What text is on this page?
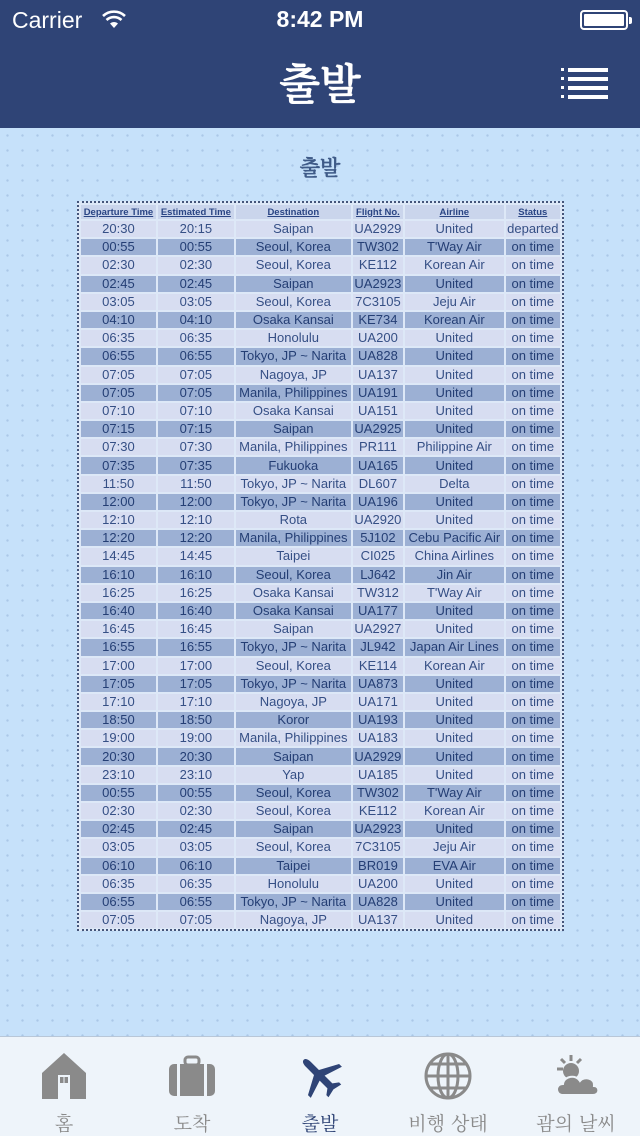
Carrier	8:42 PM
출발
출발
Departure Time	Estimated Time	Destination	Flight No.	Airline	Status
20:30	20:15	Saipan	UA2929	United	departed
00:55	00:55	Seoul, Korea	TW302	T'Way Air	on time
02:30	02:30	Seoul, Korea	KE112	Korean Air	on time
02:45	02:45	Saipan	UA2923	United	on time
03:05	03:05	Seoul, Korea	7C3105	Jeju Air	on time
04:10	04:10	Osaka Kansai	KE734	Korean Air	on time
06:35	06:35	Honolulu	UA200	United	on time
06:55	06:55	Tokyo, JP ~ Narita	UA828	United	on time
07:05	07:05	Nagoya, JP	UA137	United	on time
07:05	07:05	Manila, Philippines	UA191	United	on time
07:10	07:10	Osaka Kansai	UA151	United	on time
07:15	07:15	Saipan	UA2925	United	on time
07:30	07:30	Manila, Philippines	PR111	Philippine Air	on time
07:35	07:35	Fukuoka	UA165	United	on time
11:50	11:50	Tokyo, JP ~ Narita	DL607	Delta	on time
12:00	12:00	Tokyo, JP ~ Narita	UA196	United	on time
12:10	12:10	Rota	UA2920	United	on time
12:20	12:20	Manila, Philippines	5J102	Cebu Pacific Air	on time
14:45	14:45	Taipei	CI025	China Airlines	on time
16:10	16:10	Seoul, Korea	LJ642	Jin Air	on time
16:25	16:25	Osaka Kansai	TW312	T'Way Air	on time
16:40	16:40	Osaka Kansai	UA177	United	on time
16:45	16:45	Saipan	UA2927	United	on time
16:55	16:55	Tokyo, JP ~ Narita	JL942	Japan Air Lines	on time
17:00	17:00	Seoul, Korea	KE114	Korean Air	on time
17:05	17:05	Tokyo, JP ~ Narita	UA873	United	on time
17:10	17:10	Nagoya, JP	UA171	United	on time
18:50	18:50	Koror	UA193	United	on time
19:00	19:00	Manila, Philippines	UA183	United	on time
20:30	20:30	Saipan	UA2929	United	on time
23:10	23:10	Yap	UA185	United	on time
00:55	00:55	Seoul, Korea	TW302	T'Way Air	on time
02:30	02:30	Seoul, Korea	KE112	Korean Air	on time
02:45	02:45	Saipan	UA2923	United	on time
03:05	03:05	Seoul, Korea	7C3105	Jeju Air	on time
06:10	06:10	Taipei	BR019	EVA Air	on time
06:35	06:35	Honolulu	UA200	United	on time
06:55	06:55	Tokyo, JP ~ Narita	UA828	United	on time
07:05	07:05	Nagoya, JP	UA137	United	on time
홈	도착	출발	비행 상태	괌의 날씨
